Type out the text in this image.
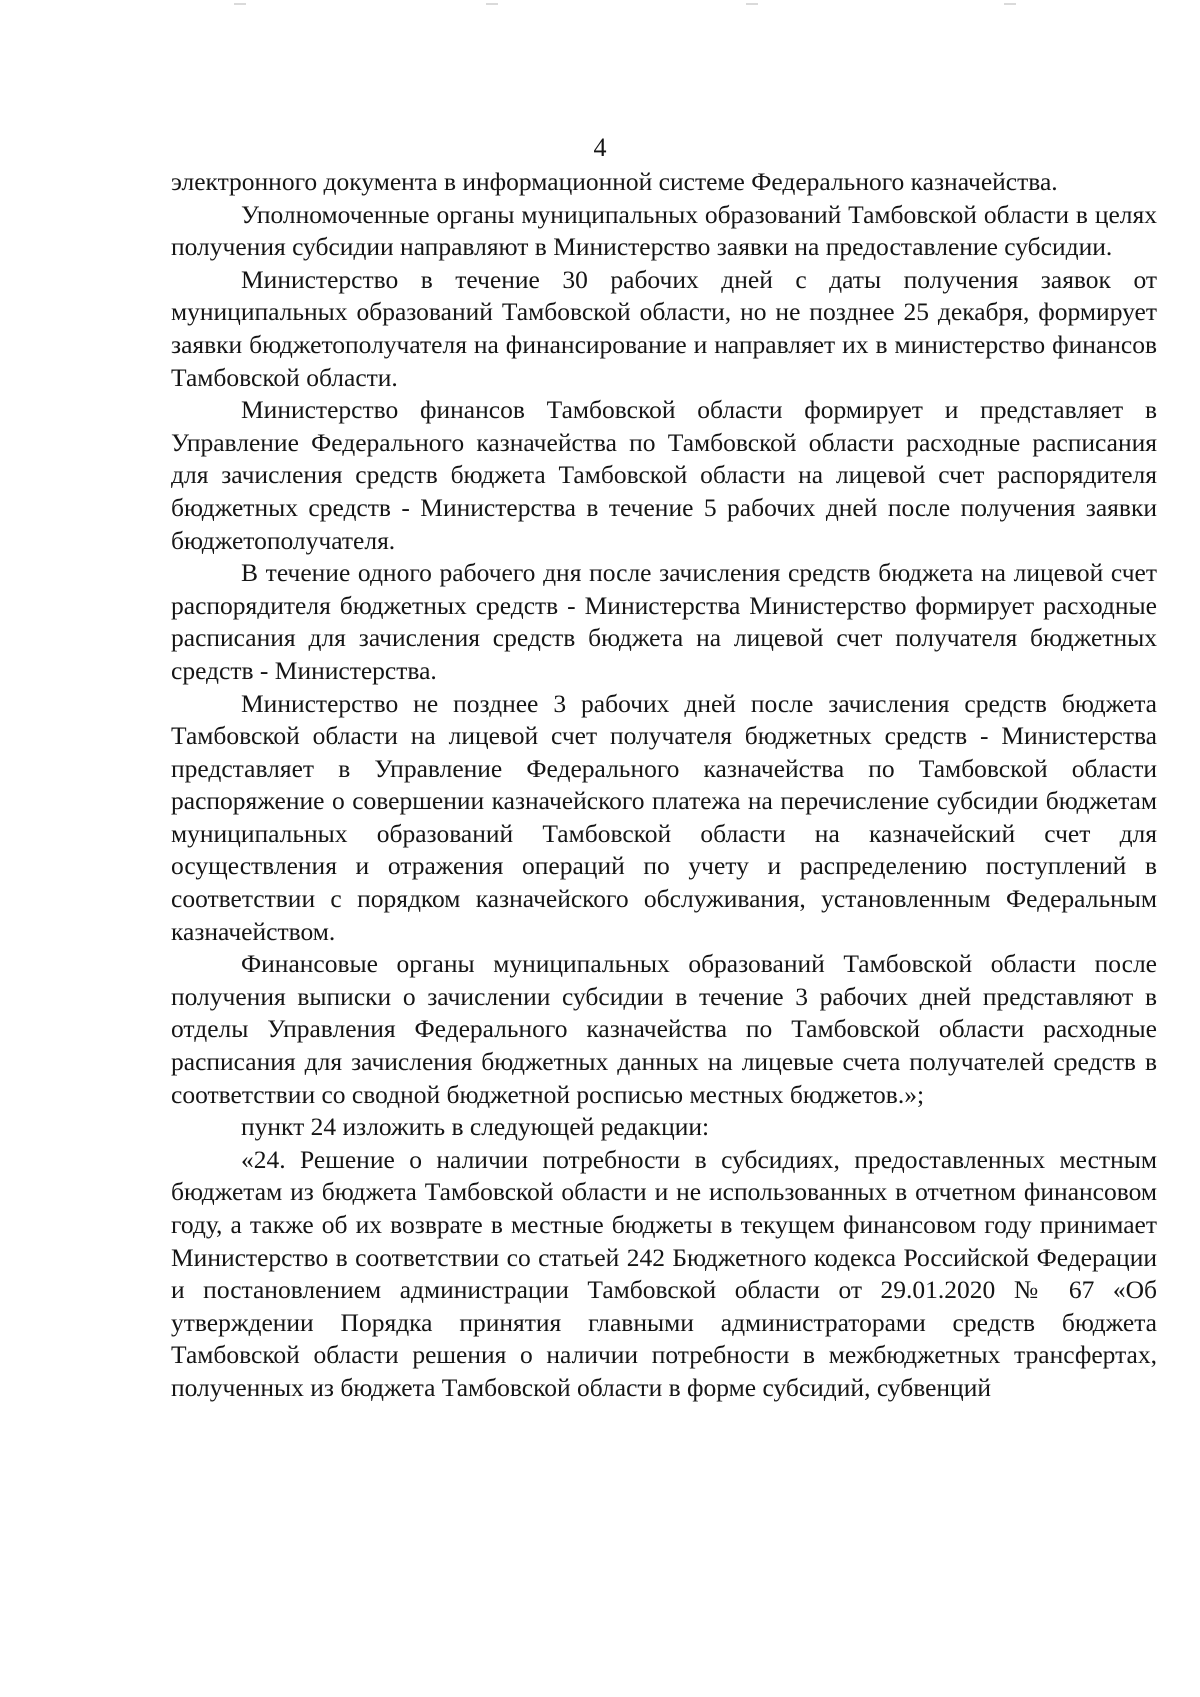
4

электронного документа в информационной системе Федерального казначейства.

Уполномоченные органы муниципальных образований Тамбовской области в целях получения субсидии направляют в Министерство заявки на предоставление субсидии.

Министерство в течение 30 рабочих дней с даты получения заявок от муниципальных образований Тамбовской области, но не позднее 25 декабря, формирует заявки бюджетополучателя на финансирование и направляет их в министерство финансов Тамбовской области.

Министерство финансов Тамбовской области формирует и представляет в Управление Федерального казначейства по Тамбовской области расходные расписания для зачисления средств бюджета Тамбовской области на лицевой счет распорядителя бюджетных средств - Министерства в течение 5 рабочих дней после получения заявки бюджетополучателя.

В течение одного рабочего дня после зачисления средств бюджета на лицевой счет распорядителя бюджетных средств - Министерства Министерство формирует расходные расписания для зачисления средств бюджета на лицевой счет получателя бюджетных средств - Министерства.

Министерство не позднее 3 рабочих дней после зачисления средств бюджета Тамбовской области на лицевой счет получателя бюджетных средств - Министерства представляет в Управление Федерального казначейства по Тамбовской области распоряжение о совершении казначейского платежа на перечисление субсидии бюджетам муниципальных образований Тамбовской области на казначейский счет для осуществления и отражения операций по учету и распределению поступлений в соответствии с порядком казначейского обслуживания, установленным Федеральным казначейством.

Финансовые органы муниципальных образований Тамбовской области после получения выписки о зачислении субсидии в течение 3 рабочих дней представляют в отделы Управления Федерального казначейства по Тамбовской области расходные расписания для зачисления бюджетных данных на лицевые счета получателей средств в соответствии со сводной бюджетной росписью местных бюджетов.»;

пункт 24 изложить в следующей редакции:

«24. Решение о наличии потребности в субсидиях, предоставленных местным бюджетам из бюджета Тамбовской области и не использованных в отчетном финансовом году, а также об их возврате в местные бюджеты в текущем финансовом году принимает Министерство в соответствии со статьей 242 Бюджетного кодекса Российской Федерации и постановлением администрации Тамбовской области от 29.01.2020 № 67 «Об утверждении Порядка принятия главными администраторами средств бюджета Тамбовской области решения о наличии потребности в межбюджетных трансфертах, полученных из бюджета Тамбовской области в форме субсидий, субвенций
